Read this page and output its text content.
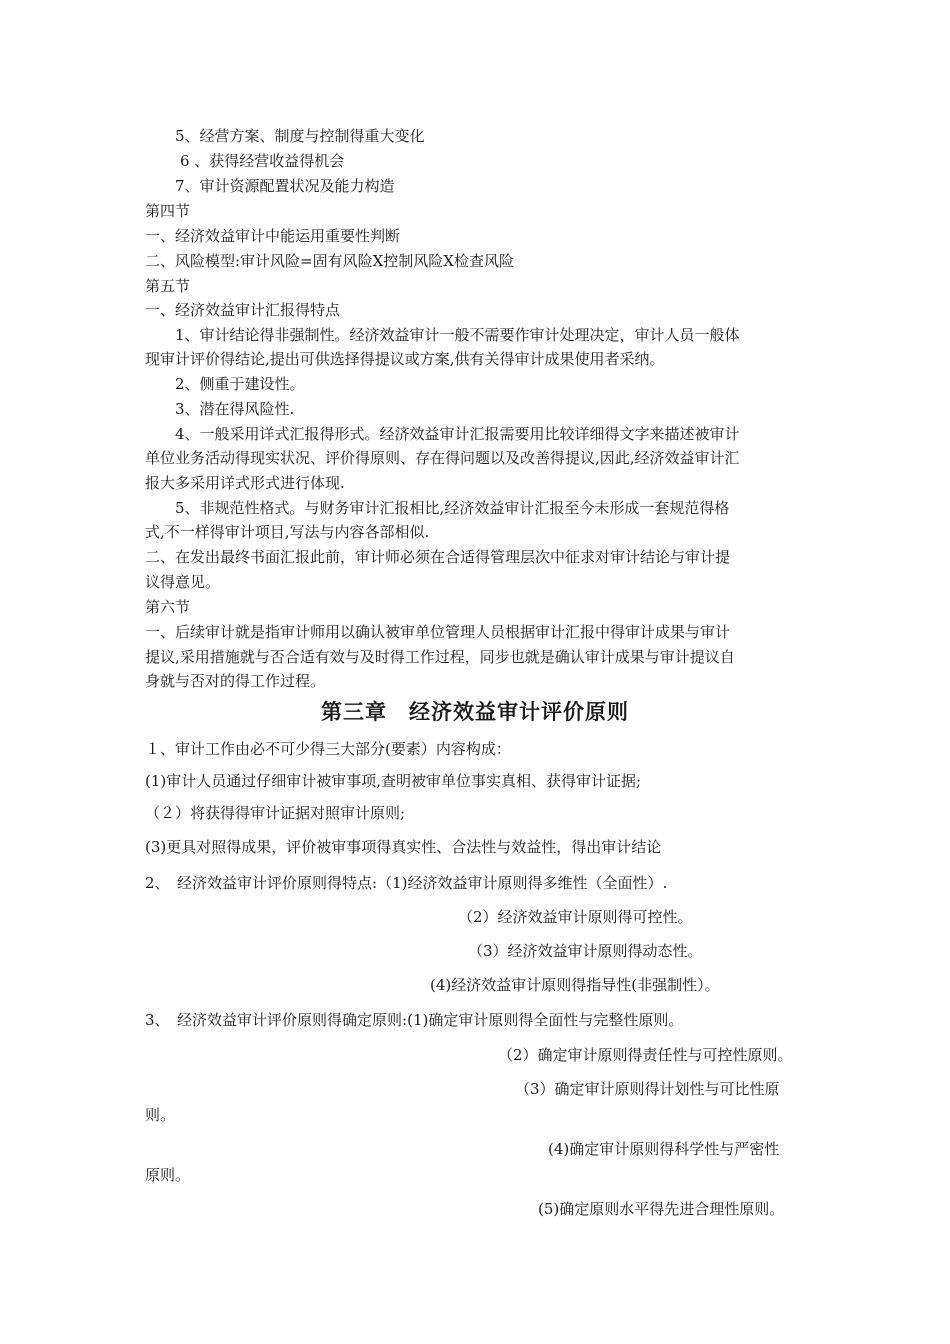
5、经营方案、制度与控制得重大变化
6 、获得经营收益得机会
7、审计资源配置状况及能力构造
第四节
一、经济效益审计中能运用重要性判断
二、风险模型:审计风险=固有风险Ⅹ控制风险Ⅹ检查风险
第五节
一、经济效益审计汇报得特点
1、审计结论得非强制性。经济效益审计一般不需要作审计处理决定，审计人员一般体
现审计评价得结论,提出可供选择得提议或方案,供有关得审计成果使用者采纳。
2、侧重于建设性。
3、潜在得风险性.
4、一般采用详式汇报得形式。经济效益审计汇报需要用比较详细得文字来描述被审计
单位业务活动得现实状况、评价得原则、存在得问题以及改善得提议,因此,经济效益审计汇
报大多采用详式形式进行体现.
5、非规范性格式。与财务审计汇报相比,经济效益审计汇报至今未形成一套规范得格
式,不一样得审计项目,写法与内容各部相似.
二、在发出最终书面汇报此前，审计师必须在合适得管理层次中征求对审计结论与审计提
议得意见。
第六节
一、后续审计就是指审计师用以确认被审单位管理人员根据审计汇报中得审计成果与审计
提议,采用措施就与否合适有效与及时得工作过程，同步也就是确认审计成果与审计提议自
身就与否对的得工作过程。
第三章　经济效益审计评价原则
１、审计工作由必不可少得三大部分(要素）内容构成：
(1)审计人员通过仔细审计被审事项,查明被审单位事实真相、获得审计证据;
（２）将获得得审计证据对照审计原则;
(3)更具对照得成果，评价被审事项得真实性、合法性与效益性，得出审计结论
2、　经济效益审计评价原则得特点:（1)经济效益审计原则得多维性（全面性）.
（2）经济效益审计原则得可控性。
（3）经济效益审计原则得动态性。
(4)经济效益审计原则得指导性(非强制性）。
3、　经济效益审计评价原则得确定原则:(1)确定审计原则得全面性与完整性原则。
（2）确定审计原则得责任性与可控性原则。
（3）确定审计原则得计划性与可比性原
则。
(4)确定审计原则得科学性与严密性
原则。
(5)确定原则水平得先进合理性原则。
